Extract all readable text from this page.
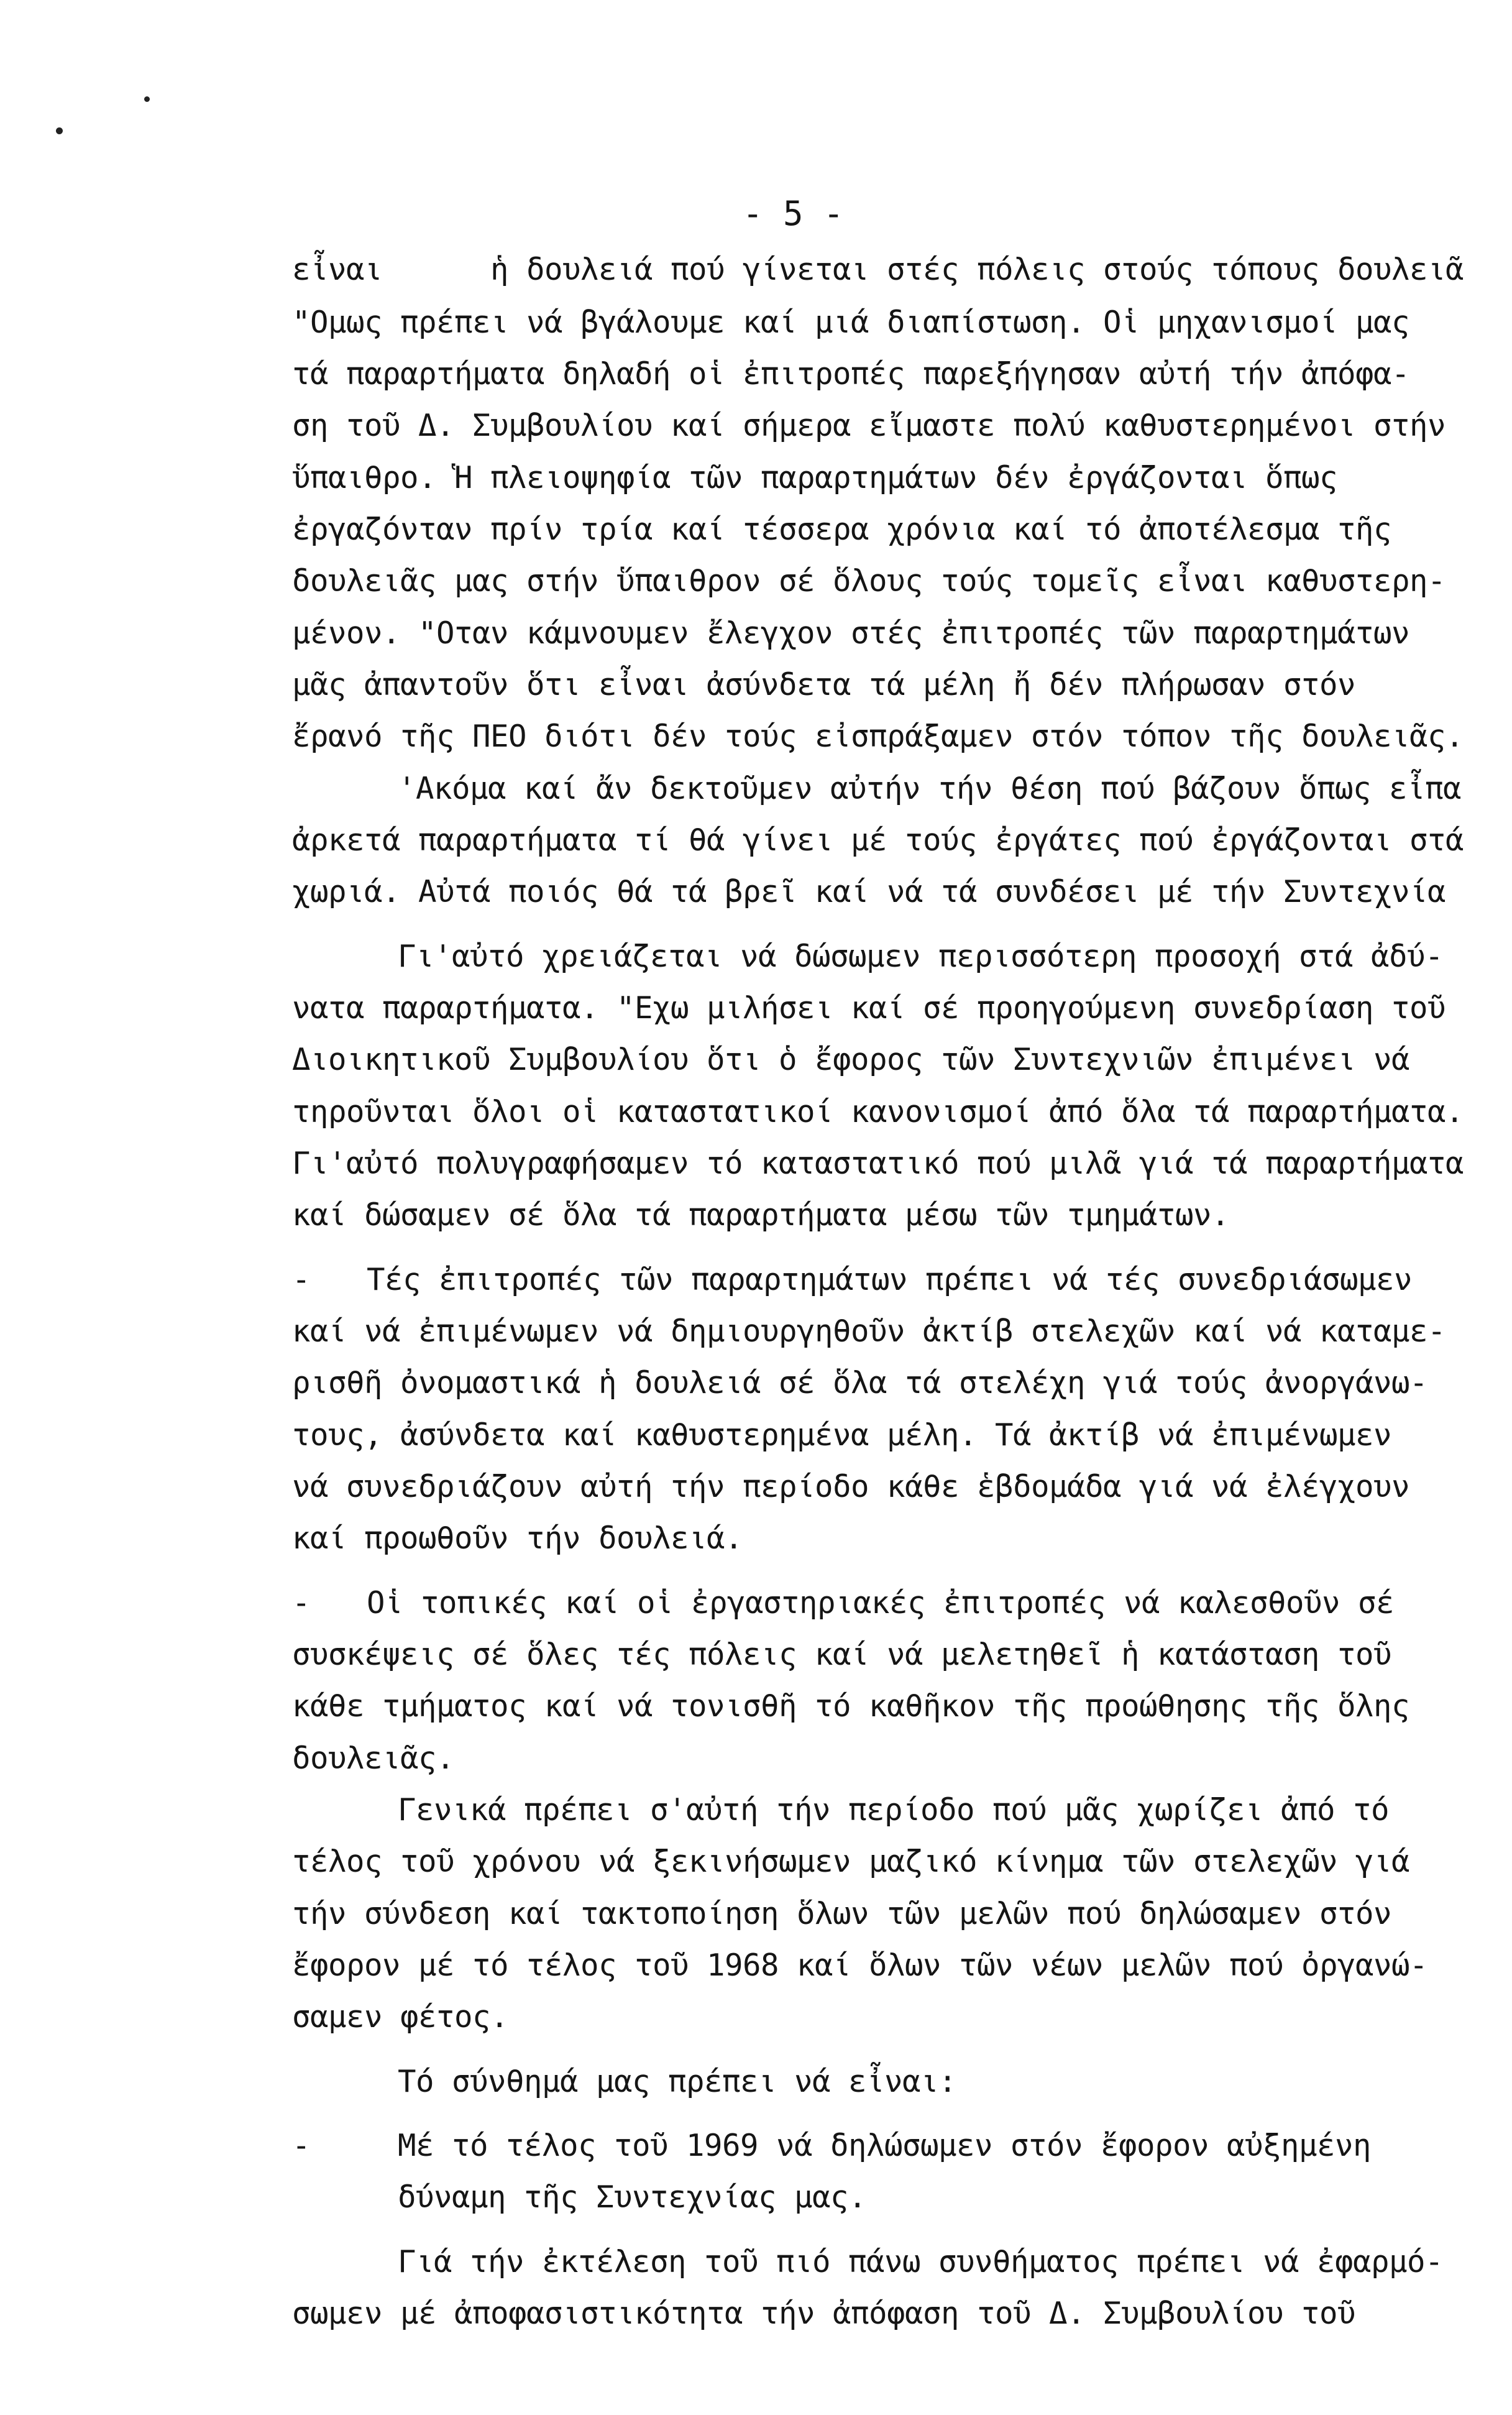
- 5 -
εἶναι      ἡ δουλειά πού γίνεται στές πόλεις στούς τόπους δουλειᾶ
"Ομως πρέπει νά βγάλουμε καί μιά διαπίστωση. Οἱ μηχανισμοί μας
τά παραρτήματα δηλαδή οἱ ἐπιτροπές παρεξήγησαν αὐτή τήν ἀπόφα-
ση τοῦ Δ. Συμβουλίου καί σήμερα εἴμαστε πολύ καθυστερημένοι στήν
ὕπαιθρο. Ἡ πλειοψηφία τῶν παραρτημάτων δέν ἐργάζονται ὅπως
ἐργαζόνταν πρίν τρία καί τέσσερα χρόνια καί τό ἀποτέλεσμα τῆς
δουλειᾶς μας στήν ὕπαιθρον σέ ὅλους τούς τομεῖς εἶναι καθυστερη-
μένον. "Οταν κάμνουμεν ἔλεγχον στές ἐπιτροπές τῶν παραρτημάτων
μᾶς ἀπαντοῦν ὅτι εἶναι ἀσύνδετα τά μέλη ἤ δέν πλήρωσαν στόν
ἔρανό τῆς ΠΕΟ διότι δέν τούς εἰσπράξαμεν στόν τόπον τῆς δουλειᾶς.
'Ακόμα καί ἄν δεκτοῦμεν αὐτήν τήν θέση πού βάζουν ὅπως εἶπα
ἀρκετά παραρτήματα τί θά γίνει μέ τούς ἐργάτες πού ἐργάζονται στά
χωριά. Αὐτά ποιός θά τά βρεῖ καί νά τά συνδέσει μέ τήν Συντεχνία
Γι'αὐτό χρειάζεται νά δώσωμεν περισσότερη προσοχή στά ἀδύ-
νατα παραρτήματα. "Εχω μιλήσει καί σέ προηγούμενη συνεδρίαση τοῦ
Διοικητικοῦ Συμβουλίου ὅτι ὁ ἔφορος τῶν Συντεχνιῶν ἐπιμένει νά
τηροῦνται ὅλοι οἱ καταστατικοί κανονισμοί ἀπό ὅλα τά παραρτήματα.
Γι'αὐτό πολυγραφήσαμεν τό καταστατικό πού μιλᾶ γιά τά παραρτήματα
καί δώσαμεν σέ ὅλα τά παραρτήματα μέσω τῶν τμημάτων.
- Τές ἐπιτροπές τῶν παραρτημάτων πρέπει νά τές συνεδριάσωμεν
καί νά ἐπιμένωμεν νά δημιουργηθοῦν ἀκτίβ στελεχῶν καί νά καταμε-
ρισθῆ ὀνομαστικά ἡ δουλειά σέ ὅλα τά στελέχη γιά τούς ἀνοργάνω-
τους, ἀσύνδετα καί καθυστερημένα μέλη. Τά ἀκτίβ νά ἐπιμένωμεν
νά συνεδριάζουν αὐτή τήν περίοδο κάθε ἑβδομάδα γιά νά ἐλέγχουν
καί προωθοῦν τήν δουλειά.
- Οἱ τοπικές καί οἱ ἐργαστηριακές ἐπιτροπές νά καλεσθοῦν σέ
συσκέψεις σέ ὅλες τές πόλεις καί νά μελετηθεῖ ἡ κατάσταση τοῦ
κάθε τμήματος καί νά τονισθῆ τό καθῆκον τῆς προώθησης τῆς ὅλης
δουλειᾶς.
Γενικά πρέπει σ'αὐτή τήν περίοδο πού μᾶς χωρίζει ἀπό τό
τέλος τοῦ χρόνου νά ξεκινήσωμεν μαζικό κίνημα τῶν στελεχῶν γιά
τήν σύνδεση καί τακτοποίηση ὅλων τῶν μελῶν πού δηλώσαμεν στόν
ἔφορον μέ τό τέλος τοῦ 1968 καί ὅλων τῶν νέων μελῶν πού ὀργανώ-
σαμεν φέτος.
Τό σύνθημά μας πρέπει νά εἶναι:
-	Μέ τό τέλος τοῦ 1969 νά δηλώσωμεν στόν ἔφορον αὐξημένη
δύναμη τῆς Συντεχνίας μας.
Γιά τήν ἐκτέλεση τοῦ πιό πάνω συνθήματος πρέπει νά ἐφαρμό-
σωμεν μέ ἀποφασιστικότητα τήν ἀπόφαση τοῦ Δ. Συμβουλίου τοῦ
